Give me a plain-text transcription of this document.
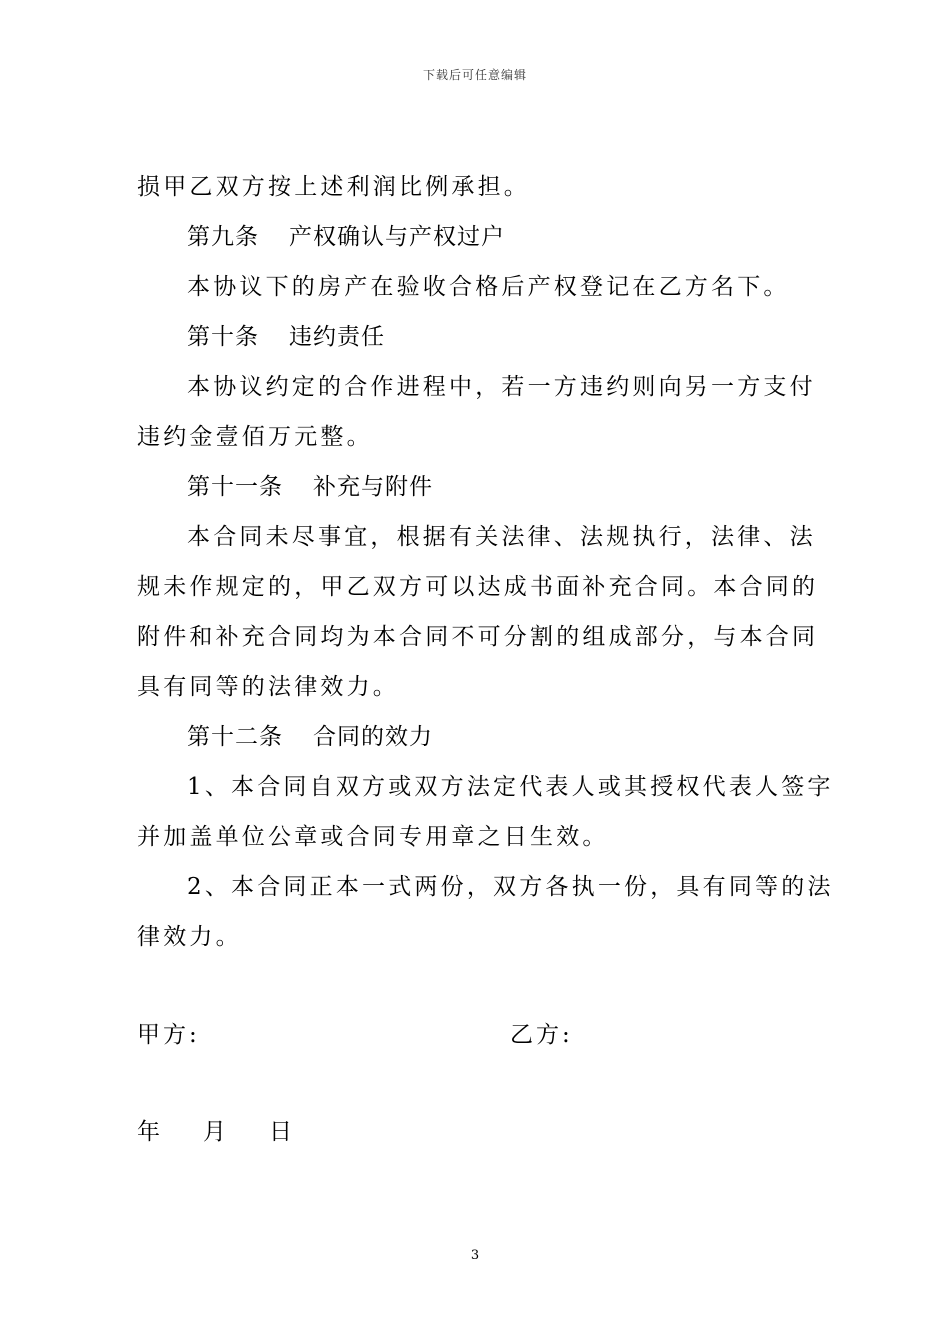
下载后可任意编辑
损甲乙双方按上述利润比例承担。
第九条 产权确认与产权过户
本协议下的房产在验收合格后产权登记在乙方名下。
第十条 违约责任
本协议约定的合作进程中，若一方违约则向另一方支付
违约金壹佰万元整。
第十一条 补充与附件
本合同未尽事宜，根据有关法律、法规执行，法律、法
规未作规定的，甲乙双方可以达成书面补充合同。本合同的
附件和补充合同均为本合同不可分割的组成部分，与本合同
具有同等的法律效力。
第十二条 合同的效力
1、本合同自双方或双方法定代表人或其授权代表人签字
并加盖单位公章或合同专用章之日生效。
2、本合同正本一式两份，双方各执一份，具有同等的法
律效力。
甲方:	乙方:
年 月 日
3
